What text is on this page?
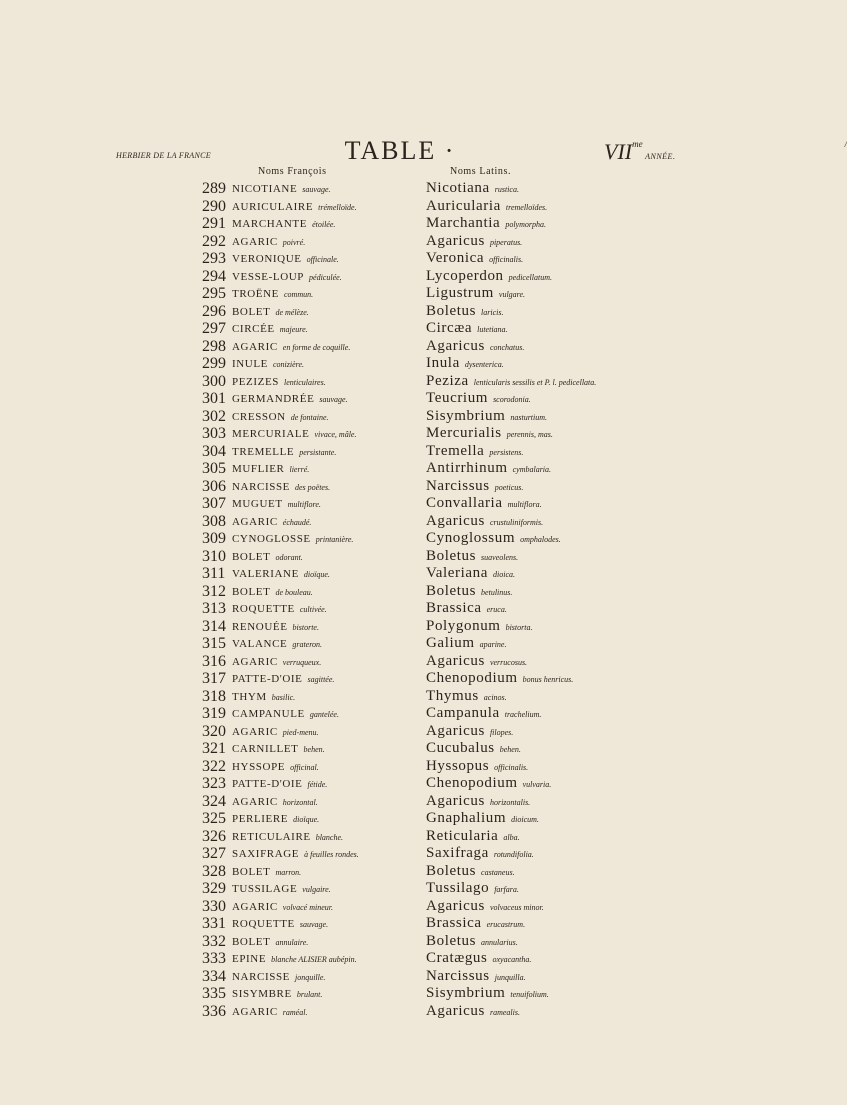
HERBIER DE LA FRANCE	TABLE ·	$VII^{me}$	/ANNÉE.
Noms François	Noms Latins.
289 NICOTIANE sauvage.	Nicotiana rustica.
290 AURICULAIRE trémelloïde.	Auricularia tremelloïdes.
291 MARCHANTE étoilée.	Marchantia polymorpha.
292 AGARIC poivré.	Agaricus piperatus.
293 VERONIQUE officinale.	Veronica officinalis.
294 VESSE-LOUP pédiculée.	Lycoperdon pedicellatum.
295 TROËNE commun.	Ligustrum vulgare.
296 BOLET de mélèze.	Boletus laricis.
297 CIRCÉE majeure.	Circæa lutetiana.
298 AGARIC en forme de coquille.	Agaricus conchatus.
299 INULE conizière.	Inula dysenterica.
300 PEZIZES lenticulaires.	Peziza lenticularis sessilis et P. l. pedicellata.
301 GERMANDRÉE sauvage.	Teucrium scorodonia.
302 CRESSON de fontaine.	Sisymbrium nasturtium.
303 MERCURIALE vivace, mâle.	Mercurialis perennis, mas.
304 TREMELLE persistante.	Tremella persistens.
305 MUFLIER lierré.	Antirrhinum cymbalaria.
306 NARCISSE des poëtes.	Narcissus poeticus.
307 MUGUET multiflore.	Convallaria multiflora.
308 AGARIC échaudé.	Agaricus crustuliniformis.
309 CYNOGLOSSE printanière.	Cynoglossum omphalodes.
310 BOLET odorant.	Boletus suaveolens.
311 VALERIANE dioïque.	Valeriana dioica.
312 BOLET de bouleau.	Boletus betulinus.
313 ROQUETTE cultivée.	Brassica eruca.
314 RENOUÉE bistorte.	Polygonum bistorta.
315 VALANCE grateron.	Galium aparine.
316 AGARIC verruqueux.	Agaricus verrucosus.
317 PATTE-D'OIE sagittée.	Chenopodium bonus henricus.
318 THYM basilic.	Thymus acinos.
319 CAMPANULE gantelée.	Campanula trachelium.
320 AGARIC pied-menu.	Agaricus filopes.
321 CARNILLET behen.	Cucubalus behen.
322 HYSSOPE officinal.	Hyssopus officinalis.
323 PATTE-D'OIE fétide.	Chenopodium vulvaria.
324 AGARIC horizontal.	Agaricus horizontalis.
325 PERLIERE dioïque.	Gnaphalium dioicum.
326 RETICULAIRE blanche.	Reticularia alba.
327 SAXIFRAGE à feuilles rondes.	Saxifraga rotundifolia.
328 BOLET marron.	Boletus castaneus.
329 TUSSILAGE vulgaire.	Tussilago farfara.
330 AGARIC volvacé mineur.	Agaricus volvaceus minor.
331 ROQUETTE sauvage.	Brassica erucastrum.
332 BOLET annulaire.	Boletus annularius.
333 EPINE blanche ALISIER aubépin.	Cratægus oxyacantha.
334 NARCISSE jonquille.	Narcissus junquilla.
335 SISYMBRE brulant.	Sisymbrium tenuifolium.
336 AGARIC raméal.	Agaricus ramealis.
